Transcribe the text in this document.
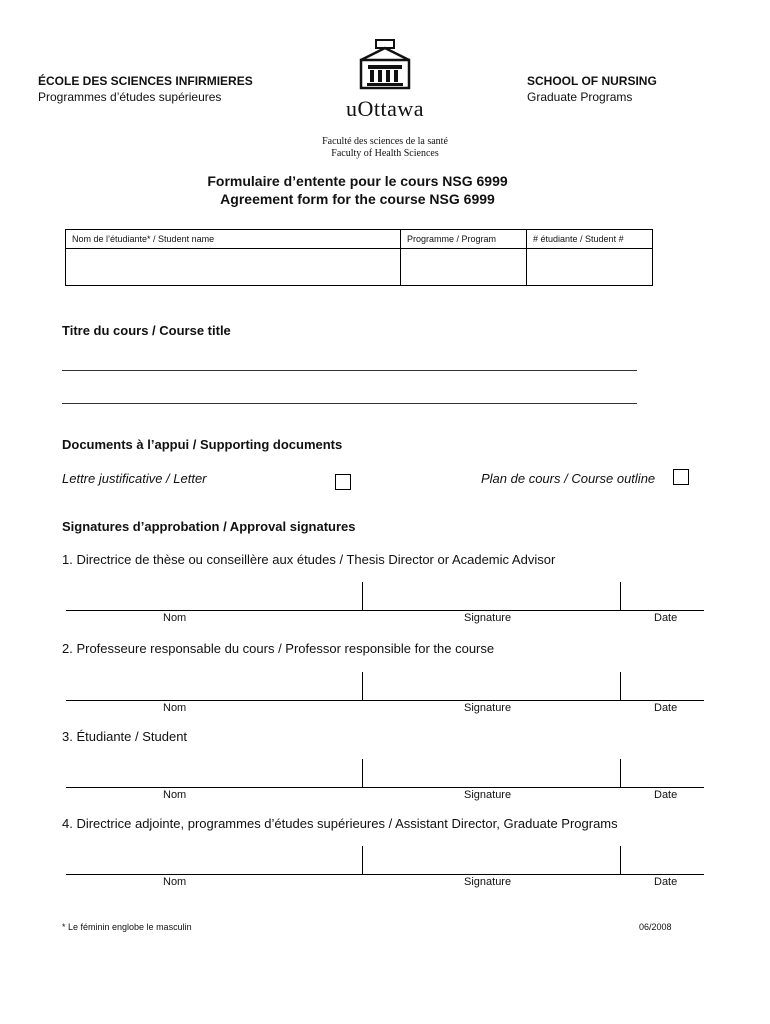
ÉCOLE DES SCIENCES INFIRMIERES
Programmes d’études supérieures
SCHOOL OF NURSING
Graduate Programs
uOttawa
Faculté des sciences de la santé
Faculty of Health Sciences
Formulaire d’entente pour le cours NSG 6999
Agreement form for the course NSG 6999
Nom de l’étudiante* / Student name	Programme / Program	# étudiante / Student #

Titre du cours / Course title
Documents à l’appui / Supporting documents
Lettre justificative / Letter	Plan de cours / Course outline
Signatures d’approbation / Approval signatures
1. Directrice de thèse ou conseillère aux études / Thesis Director or Academic Advisor
Nom	Signature	Date
2. Professeure responsable du cours / Professor responsible for the course
Nom	Signature	Date
3. Étudiante / Student
Nom	Signature	Date
4. Directrice adjointe, programmes d’études supérieures / Assistant Director, Graduate Programs
Nom	Signature	Date
* Le féminin englobe le masculin	06/2008
